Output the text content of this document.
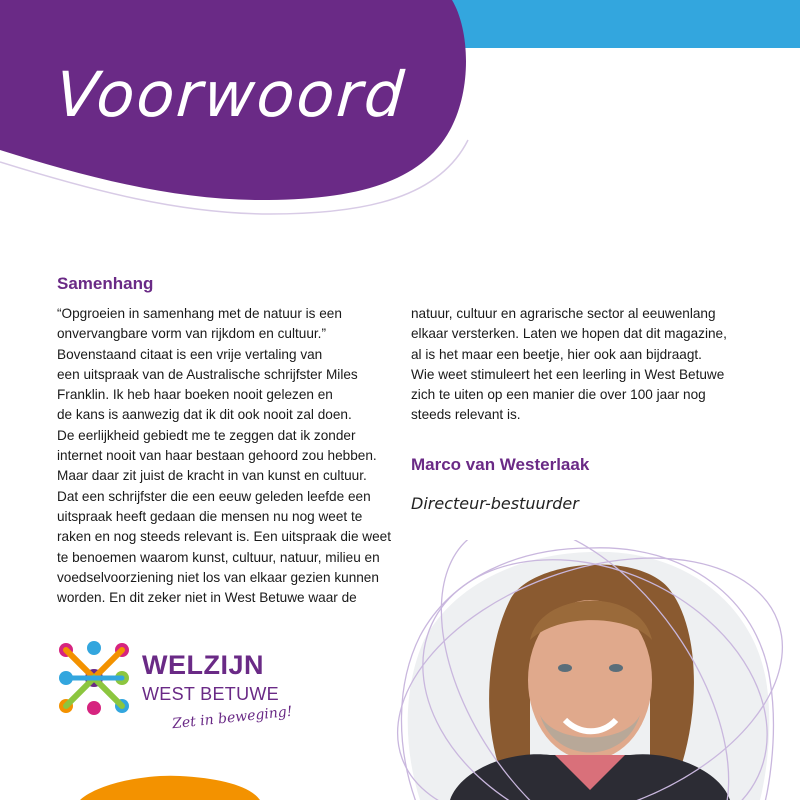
Voorwoord
Samenhang
“Opgroeien in samenhang met de natuur is een
onvervangbare vorm van rijkdom en cultuur.”
Bovenstaand citaat is een vrije vertaling van
een uitspraak van de Australische schrijfster Miles
Franklin. Ik heb haar boeken nooit gelezen en
de kans is aanwezig dat ik dit ook nooit zal doen.
De eerlijkheid gebiedt me te zeggen dat ik zonder
internet nooit van haar bestaan gehoord zou hebben.
Maar daar zit juist de kracht in van kunst en cultuur.
Dat een schrijfster die een eeuw geleden leefde een
uitspraak heeft gedaan die mensen nu nog weet te
raken en nog steeds relevant is. Een uitspraak die weet
te benoemen waarom kunst, cultuur, natuur, milieu en
voedselvoorziening niet los van elkaar gezien kunnen
worden. En dit zeker niet in West Betuwe waar de
natuur, cultuur en agrarische sector al eeuwenlang
elkaar versterken. Laten we hopen dat dit magazine,
al is het maar een beetje, hier ook aan bijdraagt.
Wie weet stimuleert het een leerling in West Betuwe
zich te uiten op een manier die over 100 jaar nog
steeds relevant is.
Marco van Westerlaak
Directeur-bestuurder
WELZIJN
WEST BETUWE
Zet in beweging!
